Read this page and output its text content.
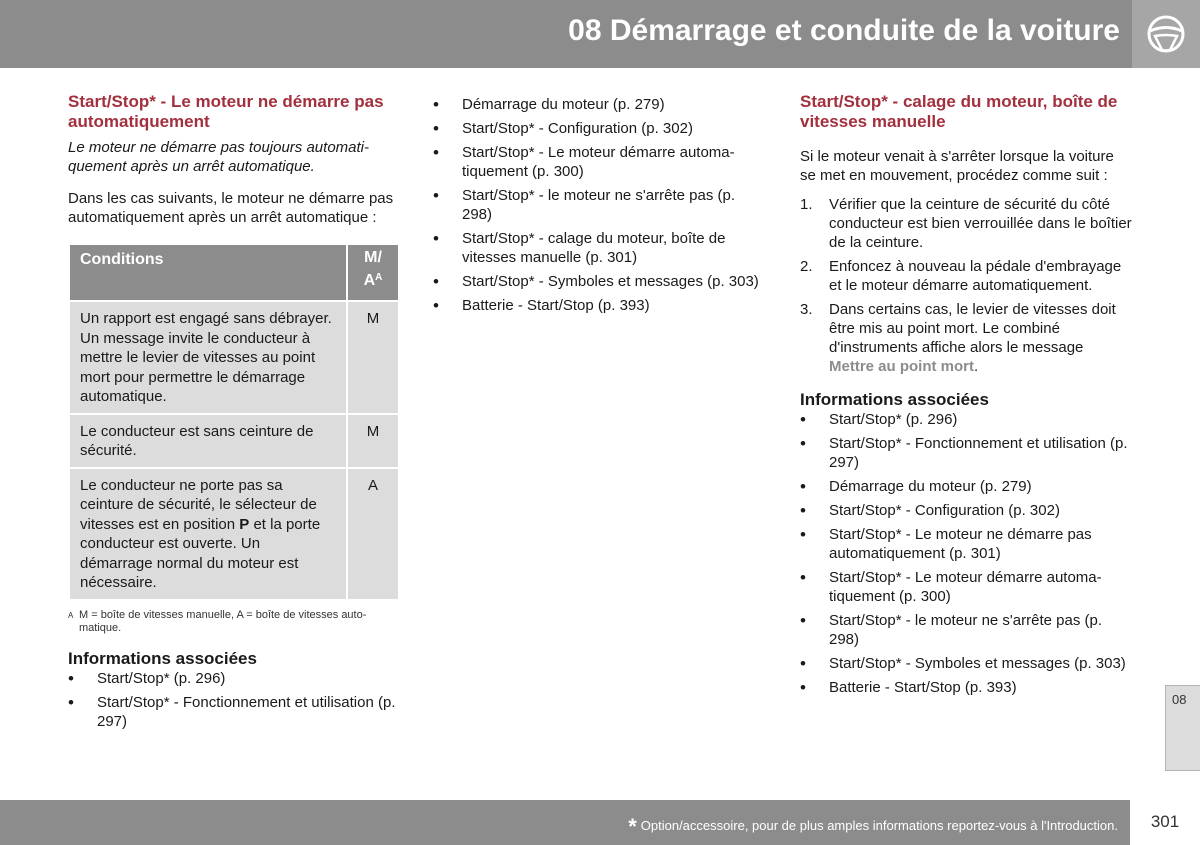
08 Démarrage et conduite de la voiture
Start/Stop* - Le moteur ne démarre pas automatiquement
Le moteur ne démarre pas toujours automatiquement après un arrêt automatique.
Dans les cas suivants, le moteur ne démarre pas automatiquement après un arrêt automatique :
Conditions	M/
$A^A$
Un rapport est engagé sans débrayer. Un message invite le conducteur à mettre le levier de vitesses au point mort pour permettre le démarrage automatique.	M
Le conducteur est sans ceinture de sécurité.	M
Le conducteur ne porte pas sa ceinture de sécurité, le sélecteur de vitesses est en position P et la porte conducteur est ouverte. Un démarrage normal du moteur est nécessaire.	A
A M = boîte de vitesses manuelle, A = boîte de vitesses automatique.
Informations associées
• Start/Stop* (p. 296)
• Start/Stop* - Fonctionnement et utilisation (p. 297)
• Démarrage du moteur (p. 279)
• Start/Stop* - Configuration (p. 302)
• Start/Stop* - Le moteur démarre automatiquement (p. 300)
• Start/Stop* - le moteur ne s'arrête pas (p. 298)
• Start/Stop* - calage du moteur, boîte de vitesses manuelle (p. 301)
• Start/Stop* - Symboles et messages (p. 303)
• Batterie - Start/Stop (p. 393)
Start/Stop* - calage du moteur, boîte de vitesses manuelle
Si le moteur venait à s'arrêter lorsque la voiture se met en mouvement, procédez comme suit :
1. Vérifier que la ceinture de sécurité du côté conducteur est bien verrouillée dans le boîtier de la ceinture.
2. Enfoncez à nouveau la pédale d'embrayage et le moteur démarre automatiquement.
3. Dans certains cas, le levier de vitesses doit être mis au point mort. Le combiné d'instruments affiche alors le message Mettre au point mort.
Informations associées
• Start/Stop* (p. 296)
• Start/Stop* - Fonctionnement et utilisation (p. 297)
• Démarrage du moteur (p. 279)
• Start/Stop* - Configuration (p. 302)
• Start/Stop* - Le moteur ne démarre pas automatiquement (p. 301)
• Start/Stop* - Le moteur démarre automatiquement (p. 300)
• Start/Stop* - le moteur ne s'arrête pas (p. 298)
• Start/Stop* - Symboles et messages (p. 303)
• Batterie - Start/Stop (p. 393)
08
* Option/accessoire, pour de plus amples informations reportez-vous à l'Introduction.	301
